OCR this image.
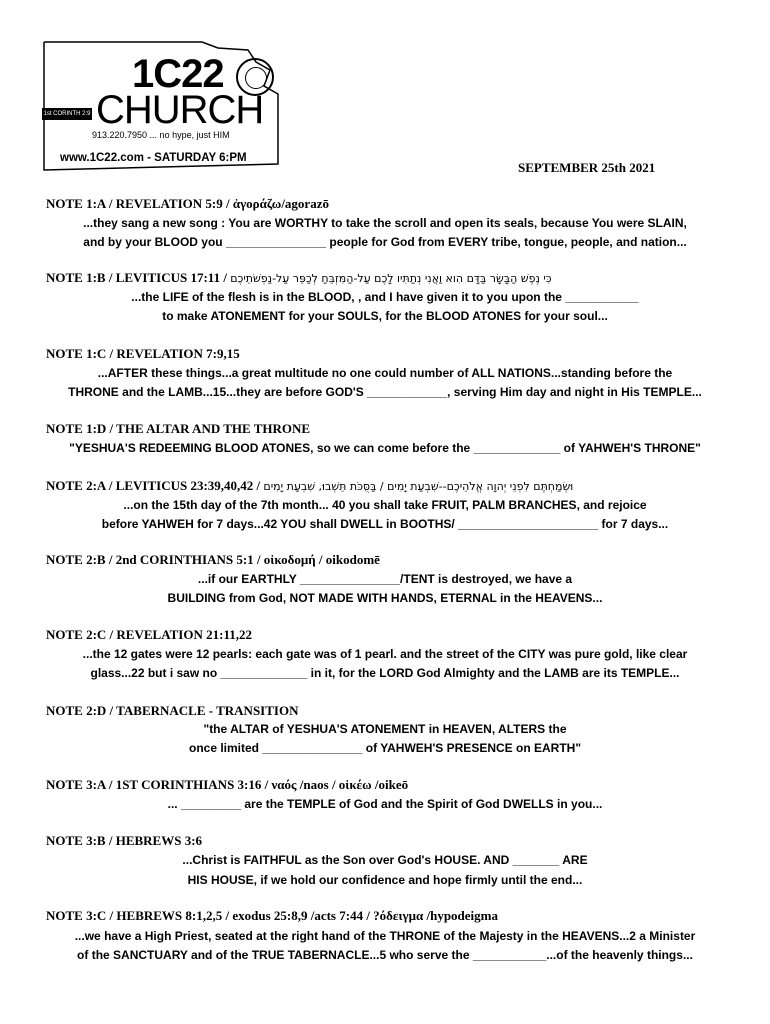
1C22
1st CORINTH 2:9 CHURCH
913.220.7950 ... no hype, just HIM
www.1C22.com - SATURDAY 6:PM
SEPTEMBER 25th 2021
NOTE 1:A / REVELATION 5:9 / ἀγοράζω/agorazō
...they sang a new song : You are WORTHY to take the scroll and open its seals, because You were SLAIN,
and by your BLOOD you _______________ people for God from EVERY tribe, tongue, people, and nation...
NOTE 1:B / LEVITICUS 17:11 / כִּי נֶפֶשׁ הַבָּשָׂר בַּדָּם הִוא וַאֲנִי נְתַתִּיו לָכֶם עַל-הַמִּזְבֵּחַ לְכַפֵּר עַל-נַפְשֹׁתֵיכֶם
...the LIFE of the flesh is in the BLOOD, , and I have given it to you upon the ___________
to make ATONEMENT for your SOULS, for the BLOOD ATONES for your soul...
NOTE 1:C / REVELATION 7:9,15
...AFTER these things...a great multitude no one could number of ALL NATIONS...standing before the
THRONE and the LAMB...15...they are before GOD'S ____________, serving Him day and night in His TEMPLE...
NOTE 1:D / THE ALTAR AND THE THRONE
"YESHUA'S REDEEMING BLOOD ATONES, so we can come before the _____________ of YAHWEH'S THRONE"
NOTE 2:A / LEVITICUS 23:39,40,42 / וּשְׂמַחְתֶּם לִפְנֵי יְהוָה אֱלֹהֵיכֶם--שִׁבְעַת יָמִים / בַּסֻּכֹּת תֵּשְׁבוּ, שִׁבְעַת יָמִים
...on the 15th day of the 7th month... 40 you shall take FRUIT, PALM BRANCHES, and rejoice
before YAHWEH for 7 days...42 YOU shall DWELL in BOOTHS/ _____________________ for 7 days...
NOTE 2:B / 2nd CORINTHIANS 5:1 / οἰκοδομή / oikodomē
...if our EARTHLY _______________/TENT is destroyed, we have a
BUILDING from God, NOT MADE WITH HANDS, ETERNAL in the HEAVENS...
NOTE 2:C / REVELATION 21:11,22
...the 12 gates were 12 pearls: each gate was of 1 pearl. and the street of the CITY was pure gold, like clear
glass...22 but i saw no _____________ in it, for the LORD God Almighty and the LAMB are its TEMPLE...
NOTE 2:D / TABERNACLE - TRANSITION
"the ALTAR of YESHUA'S ATONEMENT in HEAVEN, ALTERS the
once limited _______________ of YAHWEH'S PRESENCE on EARTH"
NOTE 3:A / 1ST CORINTHIANS 3:16 / ναός /naos / οἰκέω /oikeō
... _________ are the TEMPLE of God and the Spirit of God DWELLS in you...
NOTE 3:B / HEBREWS 3:6
...Christ is FAITHFUL as the Son over God's HOUSE. AND _______ ARE
HIS HOUSE, if we hold our confidence and hope firmly until the end...
NOTE 3:C / HEBREWS 8:1,2,5 / exodus 25:8,9 /acts 7:44 / ?όδειγμα /hypodeigma
...we have a High Priest, seated at the right hand of the THRONE of the Majesty in the HEAVENS...2 a Minister
of the SANCTUARY and of the TRUE TABERNACLE...5 who serve the ___________...of the heavenly things...
